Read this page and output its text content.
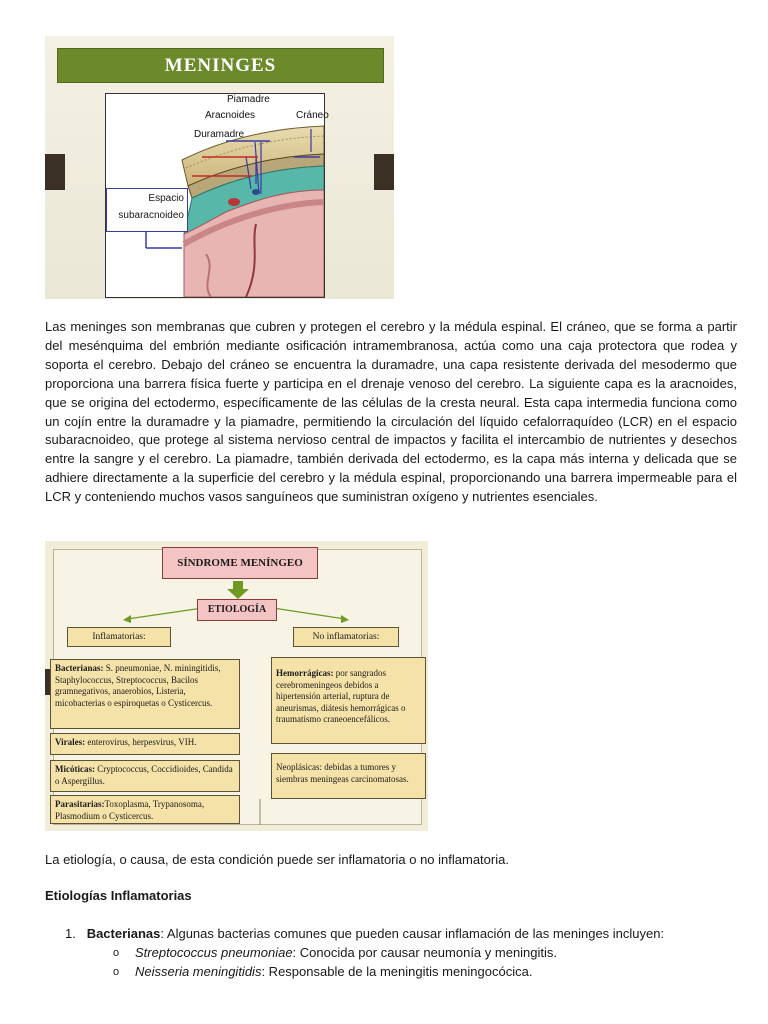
MENINGES
Piamadre
Aracnoides	Cráneo
Duramadre
Espacio
subaracnoideo

Las meninges son membranas que cubren y protegen el cerebro y la médula espinal. El cráneo, que se forma a partir del mesénquima del embrión mediante osificación intramembranosa, actúa como una caja protectora que rodea y soporta el cerebro. Debajo del cráneo se encuentra la duramadre, una capa resistente derivada del mesodermo que proporciona una barrera física fuerte y participa en el drenaje venoso del cerebro. La siguiente capa es la aracnoides, que se origina del ectodermo, específicamente de las células de la cresta neural. Esta capa intermedia funciona como un cojín entre la duramadre y la piamadre, permitiendo la circulación del líquido cefalorraquídeo (LCR) en el espacio subaracnoideo, que protege al sistema nervioso central de impactos y facilita el intercambio de nutrientes y desechos entre la sangre y el cerebro. La piamadre, también derivada del ectodermo, es la capa más interna y delicada que se adhiere directamente a la superficie del cerebro y la médula espinal, proporcionando una barrera impermeable para el LCR y conteniendo muchos vasos sanguíneos que suministran oxígeno y nutrientes esenciales.

SÍNDROME MENÍNGEO
ETIOLOGÍA
Inflamatorias:	No inflamatorias:
Bacterianas: S. pneumoniae, N. miningitidis, Staphylococcus, Streptococcus, Bacilos gramnegativos, anaerobios, Listeria, micobacterias o espiroquetas o Cysticercus.
Virales: enterovirus, herpesvirus, VIH.
Micóticas: Cryptococcus, Coccidioides, Candida o Aspergillus.
Parasitarias:Toxoplasma, Trypanosoma, Plasmodium o Cysticercus.
Hemorrágicas: por sangrados cerebromeningeos debidos a hipertensión arterial, ruptura de aneurismas, diátesis hemorrágicas o traumatismo craneoencefálicos.
Neoplásicas: debidas a tumores y siembras meningeas carcinomatosas.

La etiología, o causa, de esta condición puede ser inflamatoria o no inflamatoria.

Etiologías Inflamatorias
1. Bacterianas: Algunas bacterias comunes que pueden causar inflamación de las meninges incluyen:
o Streptococcus pneumoniae: Conocida por causar neumonía y meningitis.
o Neisseria meningitidis: Responsable de la meningitis meningocócica.
